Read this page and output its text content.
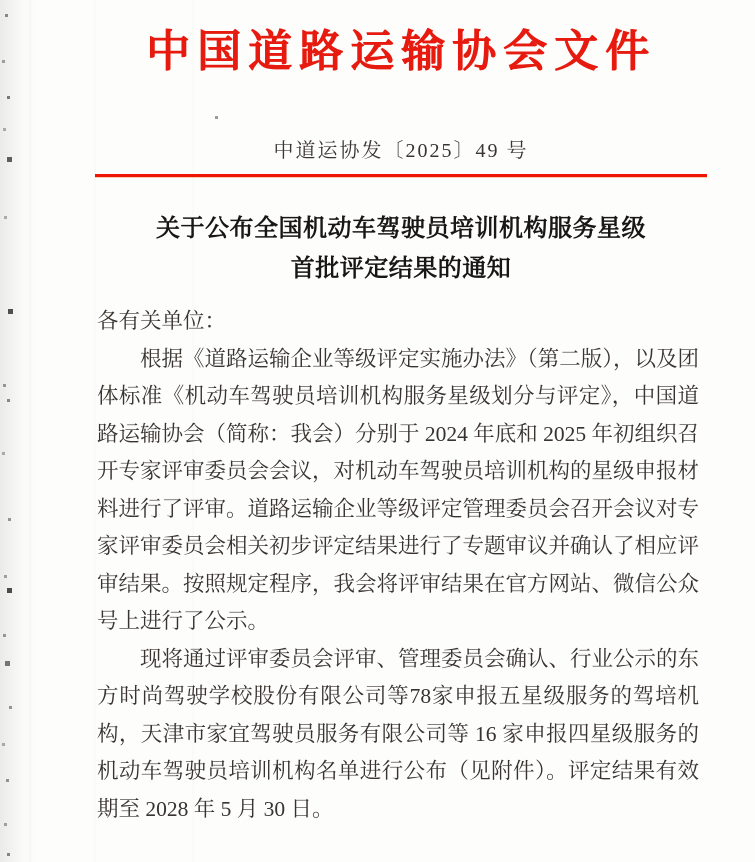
中国道路运输协会文件
中道运协发〔2025〕49 号
关于公布全国机动车驾驶员培训机构服务星级
首批评定结果的通知

各有关单位：

根据《道路运输企业等级评定实施办法》（第二版），以及团体标准《机动车驾驶员培训机构服务星级划分与评定》，中国道路运输协会（简称：我会）分别于 2024 年底和 2025 年初组织召开专家评审委员会会议，对机动车驾驶员培训机构的星级申报材料进行了评审。道路运输企业等级评定管理委员会召开会议对专家评审委员会相关初步评定结果进行了专题审议并确认了相应评审结果。按照规定程序，我会将评审结果在官方网站、微信公众号上进行了公示。

现将通过评审委员会评审、管理委员会确认、行业公示的东方时尚驾驶学校股份有限公司等78家申报五星级服务的驾培机构，天津市家宜驾驶员服务有限公司等 16 家申报四星级服务的机动车驾驶员培训机构名单进行公布（见附件）。评定结果有效期至 2028 年 5 月 30 日。
